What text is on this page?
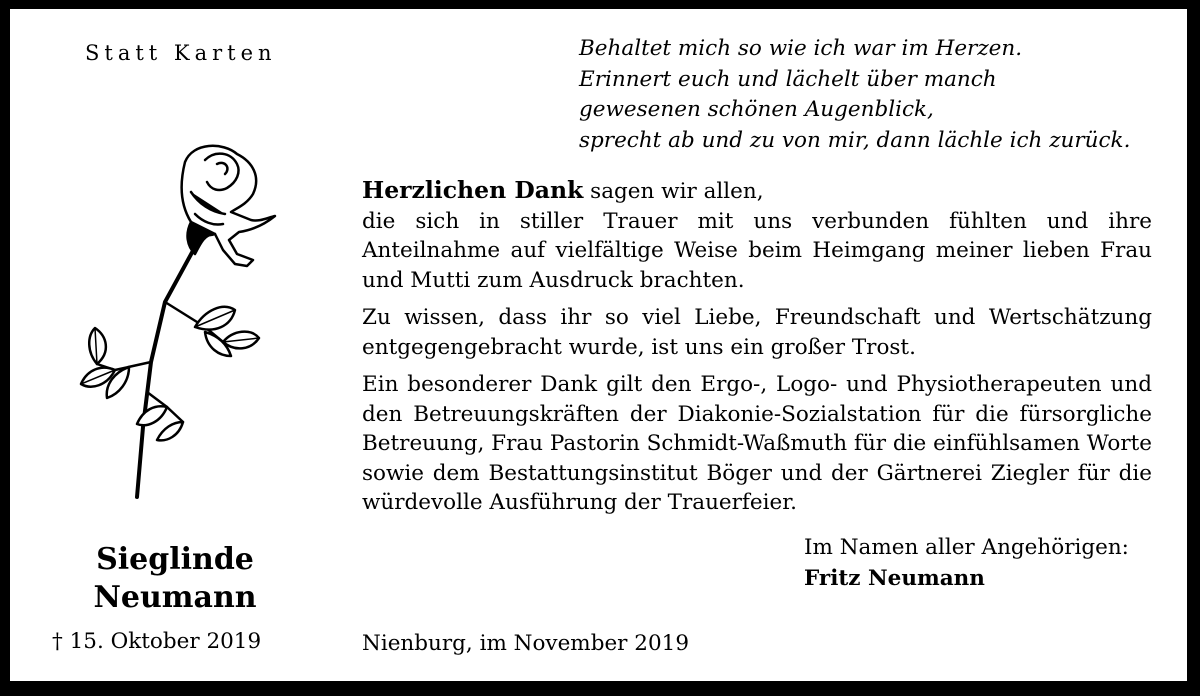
Statt Karten	Behaltet mich so wie ich war im Herzen.
Erinnert euch und lächelt über manch
gewesenen schönen Augenblick,
sprecht ab und zu von mir, dann lächle ich zurück.

Herzlichen Dank sagen wir allen,
die sich in stiller Trauer mit uns verbunden fühlten und ihre Anteilnahme auf vielfältige Weise beim Heimgang meiner lieben Frau und Mutti zum Ausdruck brachten.

Zu wissen, dass ihr so viel Liebe, Freundschaft und Wertschätzung entgegengebracht wurde, ist uns ein großer Trost.

Ein besonderer Dank gilt den Ergo-, Logo- und Physiotherapeuten und den Betreuungskräften der Diakonie-Sozialstation für die fürsorgliche Betreuung, Frau Pastorin Schmidt-Waßmuth für die einfühlsamen Worte sowie dem Bestattungsinstitut Böger und der Gärtnerei Ziegler für die würdevolle Ausführung der Trauerfeier.

Im Namen aller Angehörigen:
Fritz Neumann
Sieglinde
Neumann
† 15. Oktober 2019	Nienburg, im November 2019
